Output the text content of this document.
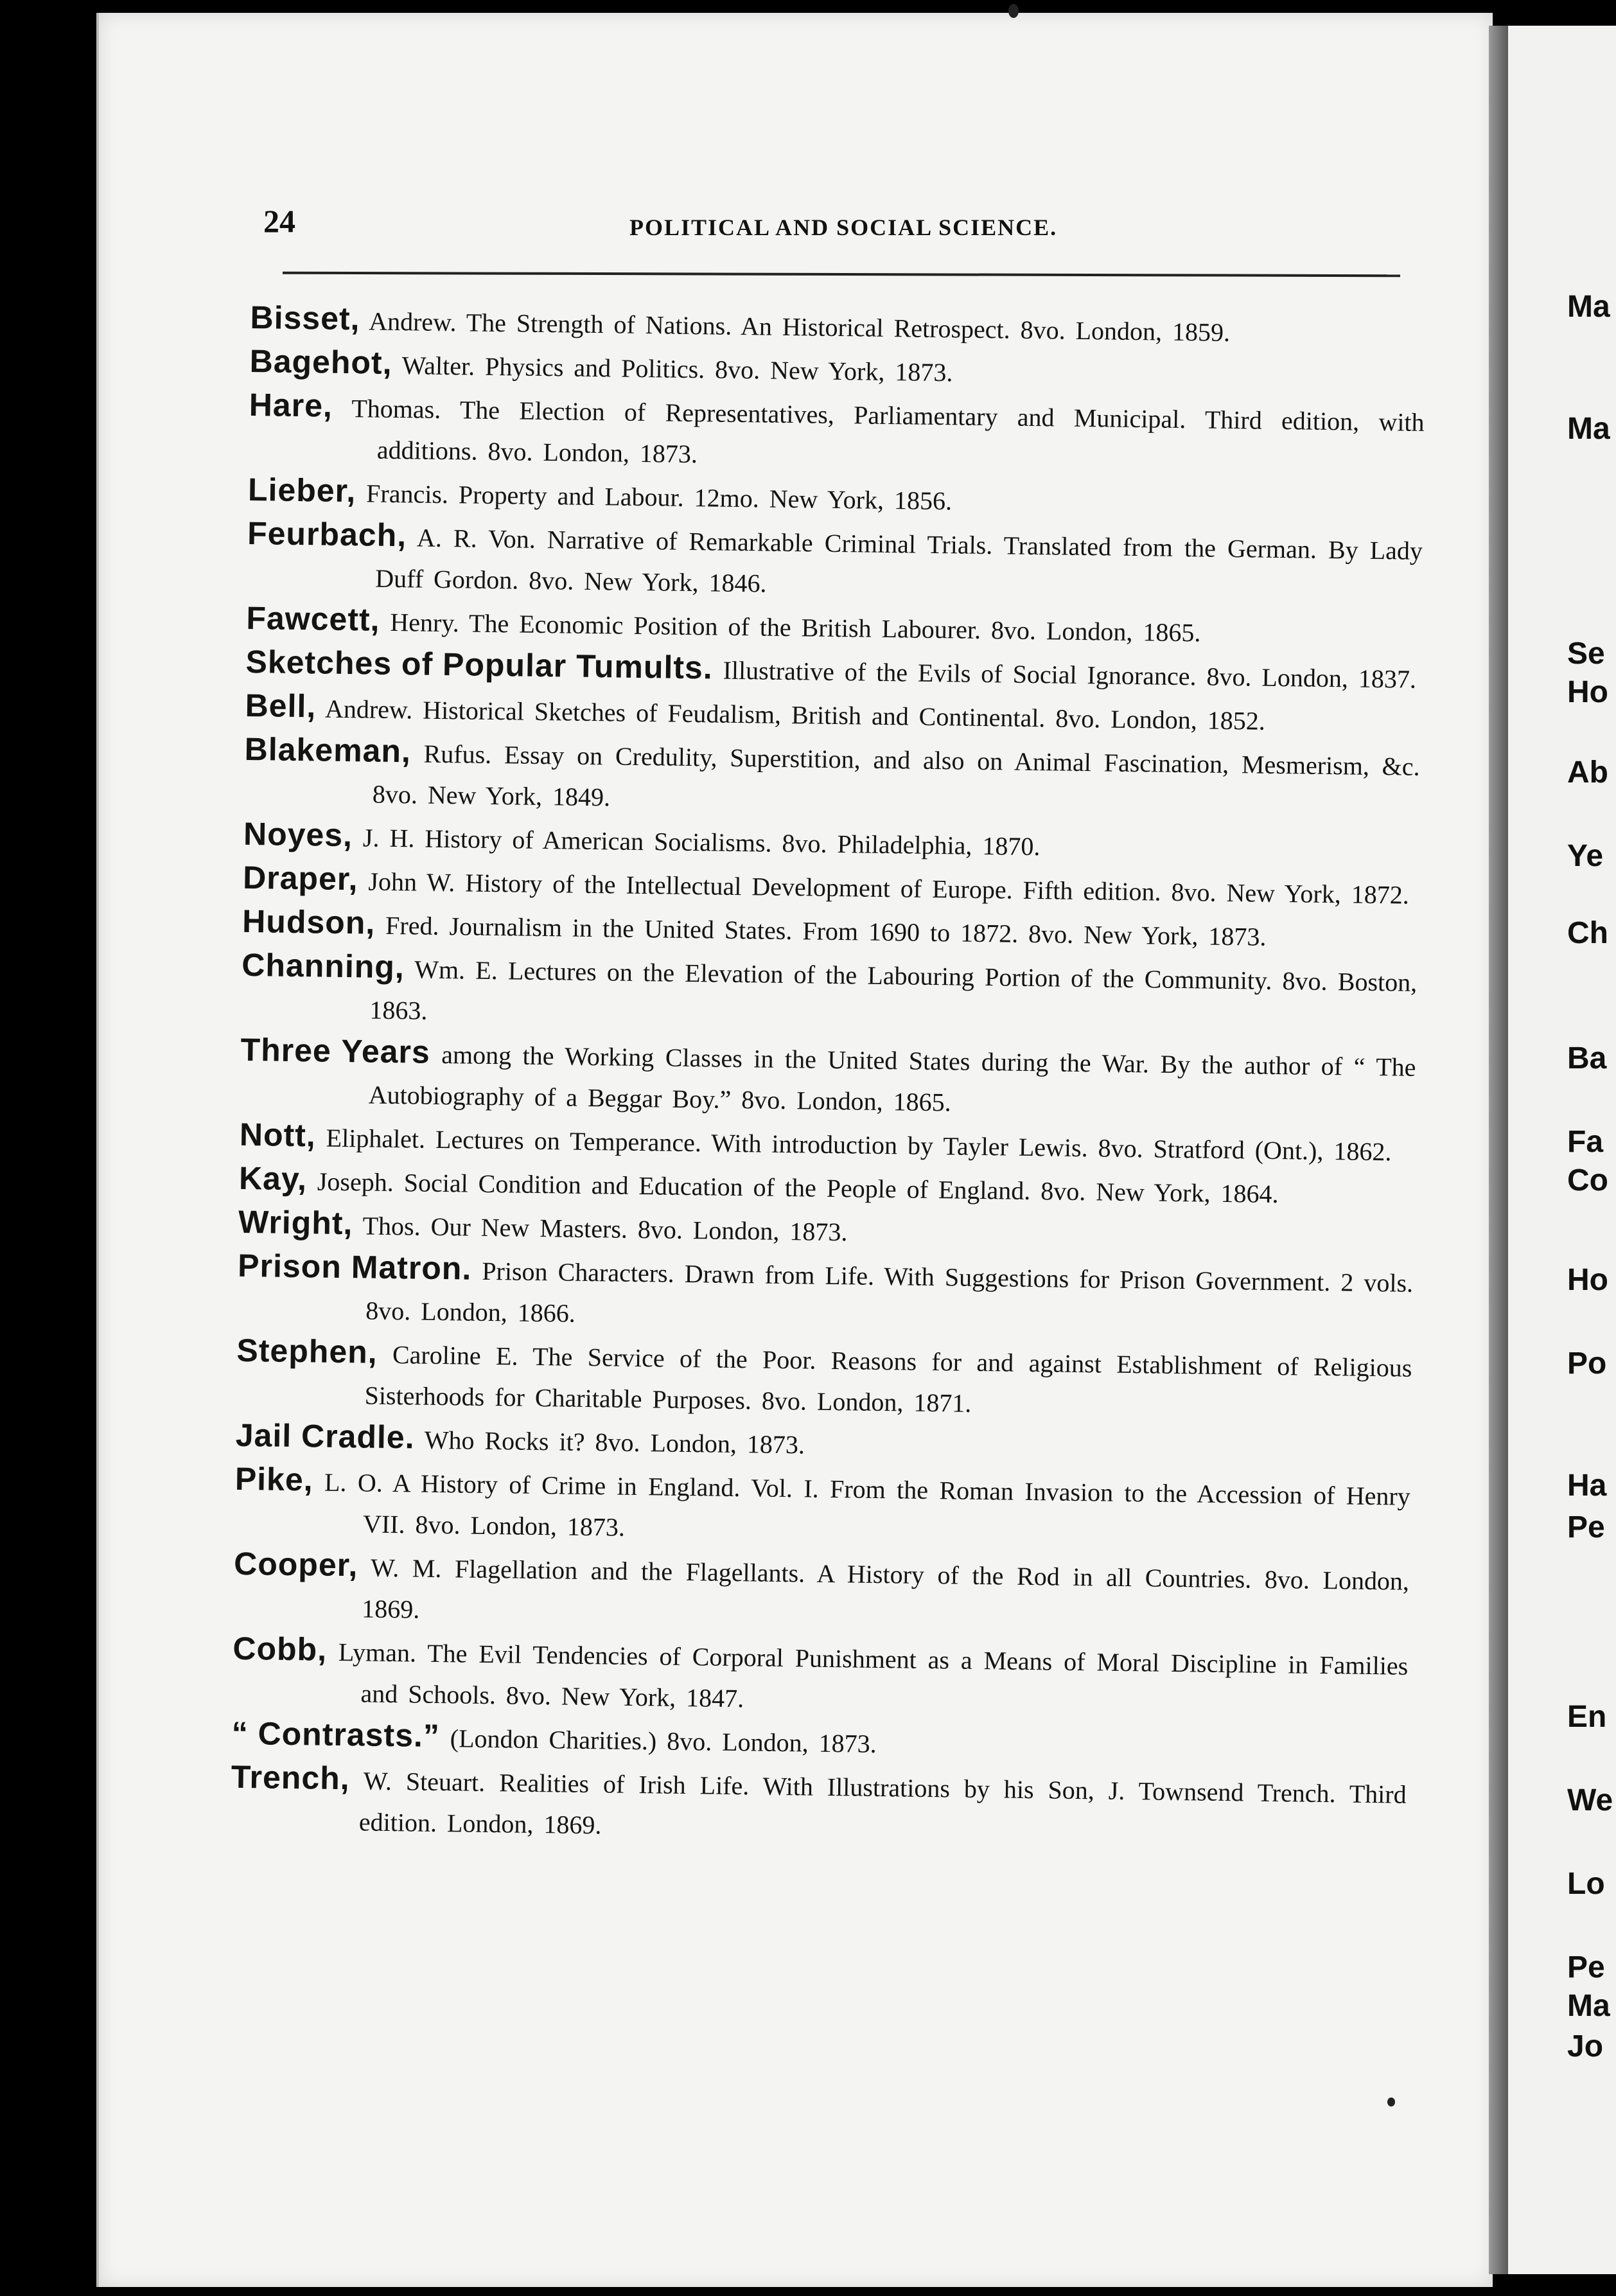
Ma
Ma
Se
Ho
Ab
Ye
Ch
Ba
Fa
Co
Ho
Po
Ha
Pe
En
We
Lo
Pe
Ma
Jo
24	POLITICAL AND SOCIAL SCIENCE.

Bisset, Andrew. The Strength of Nations. An Historical Retrospect. 8vo. London, 1859.

Bagehot, Walter. Physics and Politics. 8vo. New York, 1873.

Hare, Thomas. The Election of Representatives, Parliamentary and Municipal. Third edition, with additions. 8vo. London, 1873.

Lieber, Francis. Property and Labour. 12mo. New York, 1856.

Feurbach, A. R. Von. Narrative of Remarkable Criminal Trials. Translated from the German. By Lady Duff Gordon. 8vo. New York, 1846.

Fawcett, Henry. The Economic Position of the British Labourer. 8vo. London, 1865.

Sketches of Popular Tumults. Illustrative of the Evils of Social Ignorance. 8vo. London, 1837.

Bell, Andrew. Historical Sketches of Feudalism, British and Continental. 8vo. London, 1852.

Blakeman, Rufus. Essay on Credulity, Superstition, and also on Animal Fascination, Mesmerism, &c. 8vo. New York, 1849.

Noyes, J. H. History of American Socialisms. 8vo. Philadelphia, 1870.

Draper, John W. History of the Intellectual Development of Europe. Fifth edition. 8vo. New York, 1872.

Hudson, Fred. Journalism in the United States. From 1690 to 1872. 8vo. New York, 1873.

Channing, Wm. E. Lectures on the Elevation of the Labouring Portion of the Community. 8vo. Boston, 1863.

Three Years among the Working Classes in the United States during the War. By the author of “ The Autobiography of a Beggar Boy.” 8vo. London, 1865.

Nott, Eliphalet. Lectures on Temperance. With introduction by Tayler Lewis. 8vo. Stratford (Ont.), 1862.

Kay, Joseph. Social Condition and Education of the People of England. 8vo. New York, 1864.

Wright, Thos. Our New Masters. 8vo. London, 1873.

Prison Matron. Prison Characters. Drawn from Life. With Suggestions for Prison Government. 2 vols. 8vo. London, 1866.

Stephen, Caroline E. The Service of the Poor. Reasons for and against Establishment of Religious Sisterhoods for Charitable Purposes. 8vo. London, 1871.

Jail Cradle. Who Rocks it? 8vo. London, 1873.

Pike, L. O. A History of Crime in England. Vol. I. From the Roman Invasion to the Accession of Henry VII. 8vo. London, 1873.

Cooper, W. M. Flagellation and the Flagellants. A History of the Rod in all Countries. 8vo. London, 1869.

Cobb, Lyman. The Evil Tendencies of Corporal Punishment as a Means of Moral Discipline in Families and Schools. 8vo. New York, 1847.

“ Contrasts.” (London Charities.) 8vo. London, 1873.

Trench, W. Steuart. Realities of Irish Life. With Illustrations by his Son, J. Townsend Trench. Third edition. London, 1869.
